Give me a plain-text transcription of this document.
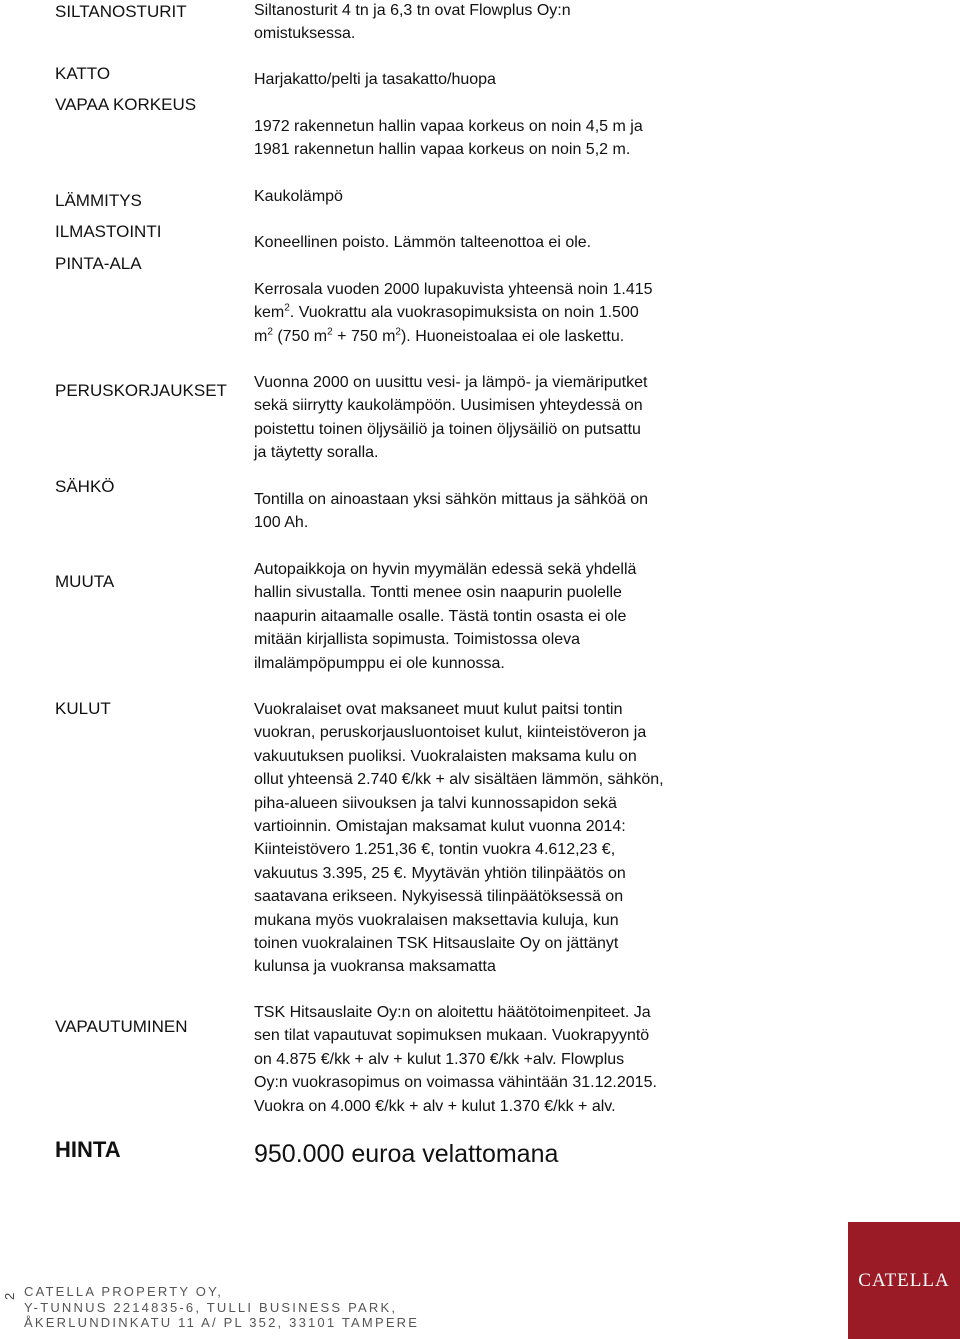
SILTANOSTURIT
KATTO
VAPAA KORKEUS
LÄMMITYS
ILMASTOINTI
PINTA-ALA
PERUSKORJAUKSET
SÄHKÖ
MUUTA
KULUT
VAPAUTUMINEN
HINTA
Siltanosturit 4 tn ja 6,3 tn ovat Flowplus Oy:n
omistuksessa.
Harjakatto/pelti ja tasakatto/huopa
1972 rakennetun hallin vapaa korkeus on noin 4,5 m ja
1981 rakennetun hallin vapaa korkeus on noin 5,2 m.
Kaukolämpö
Koneellinen poisto. Lämmön talteenottoa ei ole.
Kerrosala vuoden 2000 lupakuvista yhteensä noin 1.415
kem$^2$. Vuokrattu ala vuokrasopimuksista on noin 1.500
$m^2$ (750 $m^2 + 750$ $m^2$). Huoneistoalaa ei ole laskettu.
Vuonna 2000 on uusittu vesi- ja lämpö- ja viemäriputket
sekä siirrytty kaukolämpöön. Uusimisen yhteydessä on
poistettu toinen öljysäiliö ja toinen öljysäiliö on putsattu
ja täytetty soralla.
Tontilla on ainoastaan yksi sähkön mittaus ja sähköä on
100 Ah.
Autopaikkoja on hyvin myymälän edessä sekä yhdellä
hallin sivustalla. Tontti menee osin naapurin puolelle
naapurin aitaamalle osalle. Tästä tontin osasta ei ole
mitään kirjallista sopimusta. Toimistossa oleva
ilmalämpöpumppu ei ole kunnossa.
Vuokralaiset ovat maksaneet muut kulut paitsi tontin
vuokran, peruskorjausluontoiset kulut, kiinteistöveron ja
vakuutuksen puoliksi. Vuokralaisten maksama kulu on
ollut yhteensä 2.740 €/kk + alv sisältäen lämmön, sähkön,
piha-alueen siivouksen ja talvi kunnossapidon sekä
vartioinnin. Omistajan maksamat kulut vuonna 2014:
Kiinteistövero 1.251,36 €, tontin vuokra 4.612,23 €,
vakuutus 3.395, 25 €. Myytävän yhtiön tilinpäätös on
saatavana erikseen. Nykyisessä tilinpäätöksessä on
mukana myös vuokralaisen maksettavia kuluja, kun
toinen vuokralainen TSK Hitsauslaite Oy on jättänyt
kulunsa ja vuokransa maksamatta
TSK Hitsauslaite Oy:n on aloitettu häätötoimenpiteet. Ja
sen tilat vapautuvat sopimuksen mukaan. Vuokrapyyntö
on 4.875 €/kk + alv + kulut 1.370 €/kk +alv. Flowplus
Oy:n vuokrasopimus on voimassa vähintään 31.12.2015.
Vuokra on 4.000 €/kk + alv + kulut 1.370 €/kk + alv.
950.000 euroa velattomana
2 CATELLA PROPERTY OY,
Y-TUNNUS 2214835-6, TULLI BUSINESS PARK,
ÅKERLUNDINKATU 11 A/ PL 352, 33101 TAMPERE
CATELLA
